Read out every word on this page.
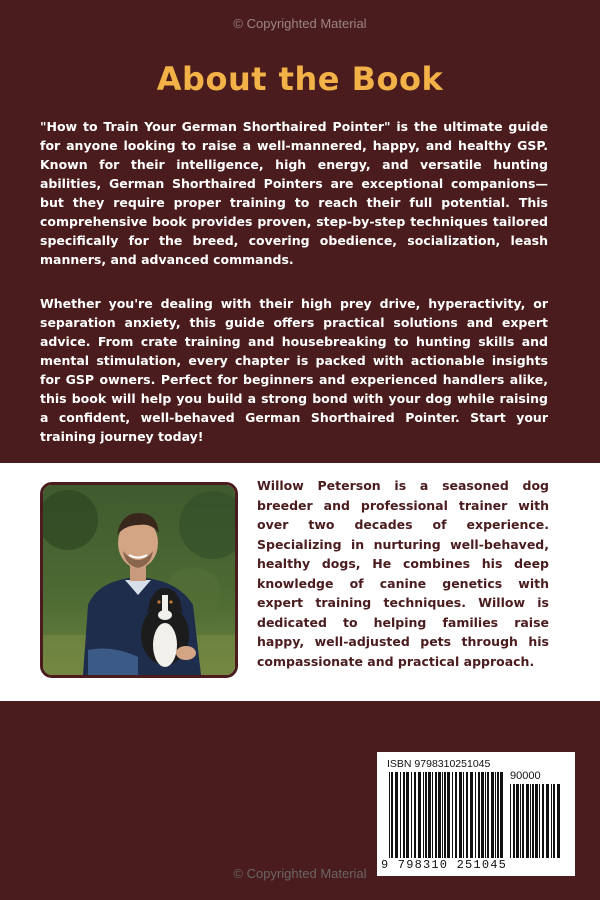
© Copyrighted Material
About the Book
"How to Train Your German Shorthaired Pointer" is the ultimate guide for anyone looking to raise a well-mannered, happy, and healthy GSP. Known for their intelligence, high energy, and versatile hunting abilities, German Shorthaired Pointers are exceptional companions—but they require proper training to reach their full potential. This comprehensive book provides proven, step-by-step techniques tailored specifically for the breed, covering obedience, socialization, leash manners, and advanced commands.
Whether you're dealing with their high prey drive, hyperactivity, or separation anxiety, this guide offers practical solutions and expert advice. From crate training and housebreaking to hunting skills and mental stimulation, every chapter is packed with actionable insights for GSP owners. Perfect for beginners and experienced handlers alike, this book will help you build a strong bond with your dog while raising a confident, well-behaved German Shorthaired Pointer. Start your training journey today!
Willow Peterson is a seasoned dog breeder and professional trainer with over two decades of experience. Specializing in nurturing well-behaved, healthy dogs, He combines his deep knowledge of canine genetics with expert training techniques. Willow is dedicated to helping families raise happy, well-adjusted pets through his compassionate and practical approach.
ISBN 9798310251045
90000
9 798310 251045
© Copyrighted Material
